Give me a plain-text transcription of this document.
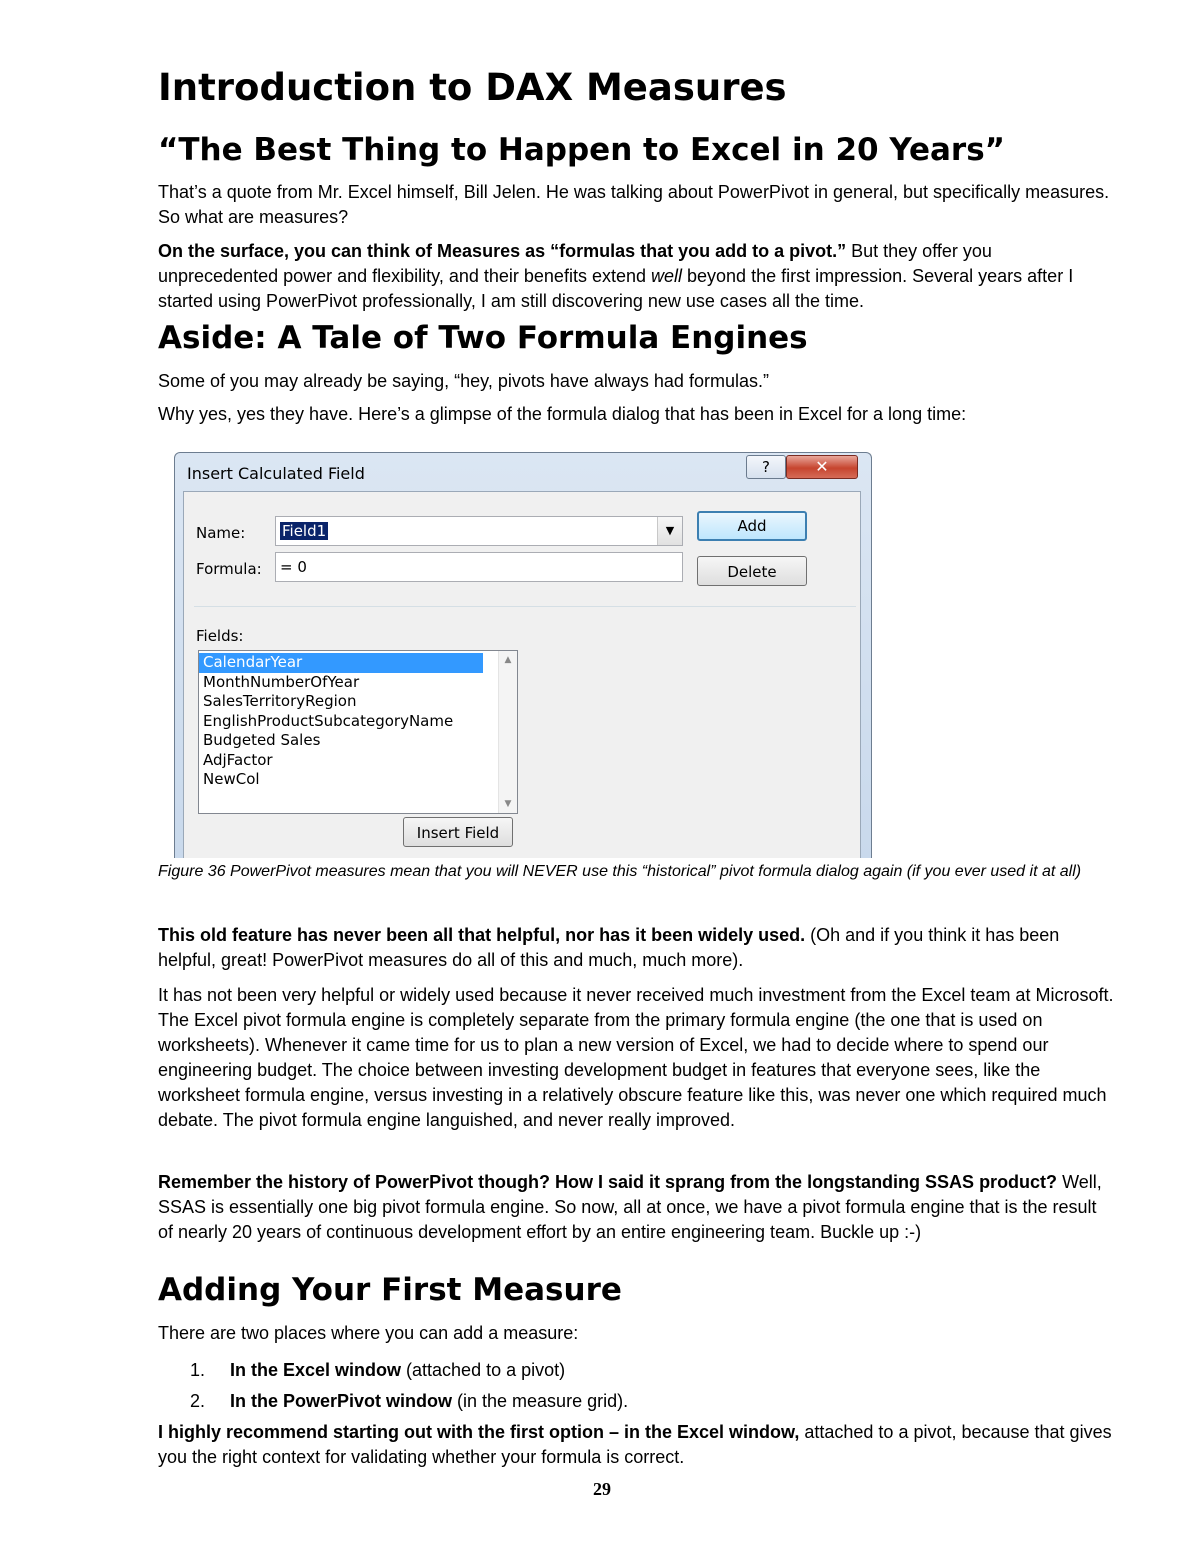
Introduction to DAX Measures
“The Best Thing to Happen to Excel in 20 Years”

That’s a quote from Mr. Excel himself, Bill Jelen. He was talking about PowerPivot in general, but specifically measures. So what are measures?

On the surface, you can think of Measures as “formulas that you add to a pivot.” But they offer you unprecedented power and flexibility, and their benefits extend well beyond the first impression. Several years after I started using PowerPivot professionally, I am still discovering new use cases all the time.

Aside: A Tale of Two Formula Engines

Some of you may already be saying, “hey, pivots have always had formulas.”

Why yes, yes they have. Here’s a glimpse of the formula dialog that has been in Excel for a long time:

Figure 36 PowerPivot measures mean that you will NEVER use this “historical” pivot formula dialog again (if you ever used it at all)

This old feature has never been all that helpful, nor has it been widely used. (Oh and if you think it has been helpful, great! PowerPivot measures do all of this and much, much more).

It has not been very helpful or widely used because it never received much investment from the Excel team at Microsoft. The Excel pivot formula engine is completely separate from the primary formula engine (the one that is used on worksheets). Whenever it came time for us to plan a new version of Excel, we had to decide where to spend our engineering budget. The choice between investing development budget in features that everyone sees, like the worksheet formula engine, versus investing in a relatively obscure feature like this, was never one which required much debate. The pivot formula engine languished, and never really improved.

Remember the history of PowerPivot though? How I said it sprang from the longstanding SSAS product? Well, SSAS is essentially one big pivot formula engine. So now, all at once, we have a pivot formula engine that is the result of nearly 20 years of continuous development effort by an entire engineering team. Buckle up :-)

Adding Your First Measure

There are two places where you can add a measure:

1. In the Excel window (attached to a pivot)
2. In the PowerPivot window (in the measure grid).

I highly recommend starting out with the first option – in the Excel window, attached to a pivot, because that gives you the right context for validating whether your formula is correct.

29
Insert Calculated Field	?	✕
Name:	Field1	▼
Formula:	= 0
Add
Delete
Fields:
CalendarYear
MonthNumberOfYear
SalesTerritoryRegion
EnglishProductSubcategoryName
Budgeted Sales
AdjFactor
NewCol
▲
▼
Insert Field
